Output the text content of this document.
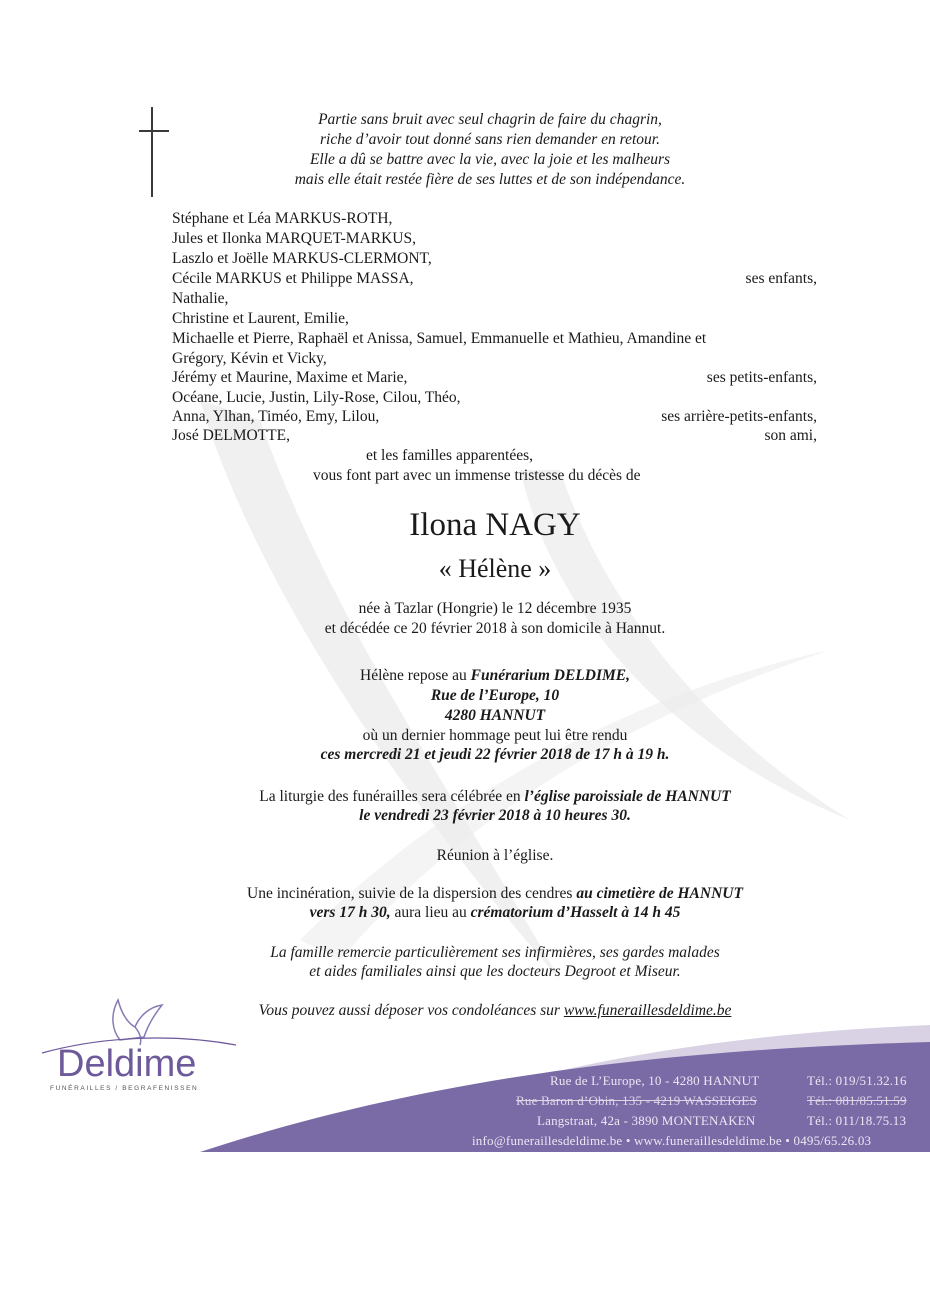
Partie sans bruit avec seul chagrin de faire du chagrin,
riche d’avoir tout donné sans rien demander en retour.
Elle a dû se battre avec la vie, avec la joie et les malheurs
mais elle était restée fière de ses luttes et de son indépendance.
Stéphane et Léa MARKUS-ROTH,
Jules et Ilonka MARQUET-MARKUS,
Laszlo et Joëlle MARKUS-CLERMONT,
Cécile MARKUS et Philippe MASSA,	ses enfants,
Nathalie,
Christine et Laurent, Emilie,
Michaelle et Pierre, Raphaël et Anissa, Samuel, Emmanuelle et Mathieu, Amandine et
Grégory, Kévin et Vicky,
Jérémy et Maurine, Maxime et Marie,	ses petits-enfants,
Océane, Lucie, Justin, Lily-Rose, Cilou, Théo,
Anna, Ylhan, Timéo, Emy, Lilou,	ses arrière-petits-enfants,
José DELMOTTE,	son ami,
et les familles apparentées,
vous font part avec un immense tristesse du décès de
Ilona NAGY
« Hélène »
née à Tazlar (Hongrie) le 12 décembre 1935
et décédée ce 20 février 2018 à son domicile à Hannut.
Hélène repose au Funérarium DELDIME,
Rue de l’Europe, 10
4280 HANNUT
où un dernier hommage peut lui être rendu
ces mercredi 21 et jeudi 22 février 2018 de 17 h à 19 h.
La liturgie des funérailles sera célébrée en l’église paroissiale de HANNUT
le vendredi 23 février 2018 à 10 heures 30.
Réunion à l’église.
Une incinération, suivie de la dispersion des cendres au cimetière de HANNUT
vers 17 h 30, aura lieu au crématorium d’Hasselt à 14 h 45
La famille remercie particulièrement ses infirmières, ses gardes malades
et aides familiales ainsi que les docteurs Degroot et Miseur.
Vous pouvez aussi déposer vos condoléances sur www.funeraillesdeldime.be
Rue de L’Europe, 10 - 4280 HANNUT	Tél.: 019/51.32.16
Rue Baron d’Obin, 135 - 4219 WASSEIGES	Tél.: 081/85.51.59
Langstraat, 42a - 3890 MONTENAKEN	Tél.: 011/18.75.13
info@funeraillesdeldime.be • www.funeraillesdeldime.be • 0495/65.26.03
Deldime
FUNÉRAILLES / BEGRAFENISSEN
